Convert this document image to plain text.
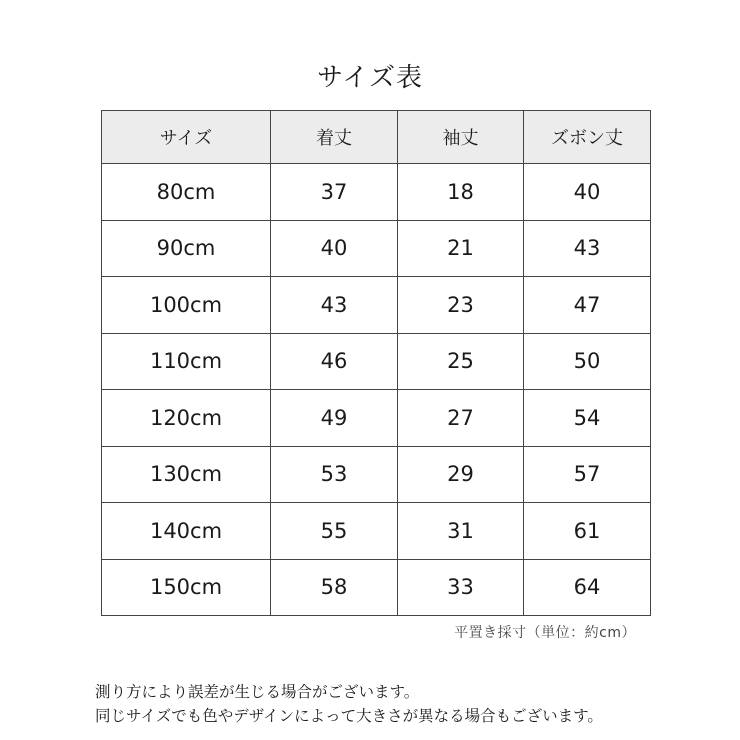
サイズ表
サイズ	着丈	袖丈	ズボン丈
80cm	37	18	40
90cm	40	21	43
100cm	43	23	47
110cm	46	25	50
120cm	49	27	54
130cm	53	29	57
140cm	55	31	61
150cm	58	33	64
平置き採寸（単位：約cm）
測り方により誤差が生じる場合がございます。
同じサイズでも色やデザインによって大きさが異なる場合もございます。
